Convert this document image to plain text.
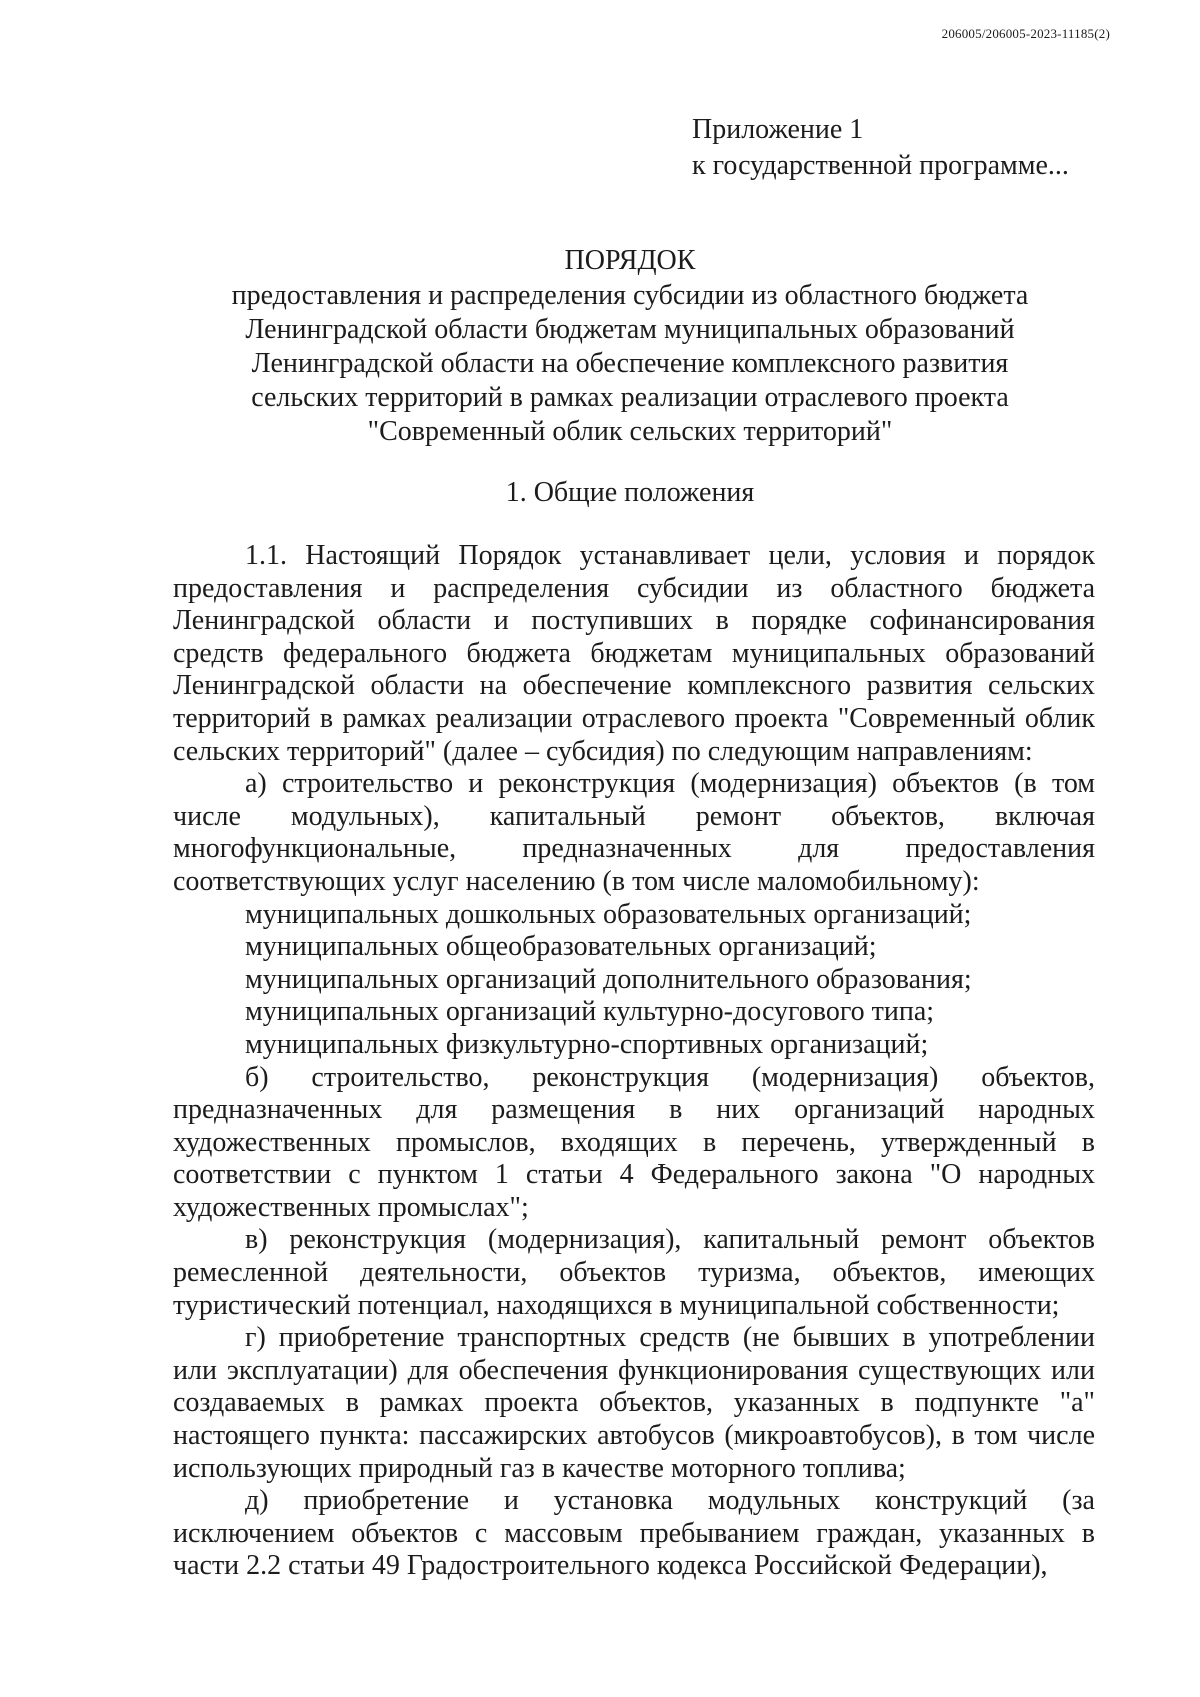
206005/206005-2023-11185(2)
Приложение 1
к государственной программе...
ПОРЯДОК
предоставления и распределения субсидии из областного бюджета
Ленинградской области бюджетам муниципальных образований
Ленинградской области на обеспечение комплексного развития
сельских территорий в рамках реализации отраслевого проекта
"Современный облик сельских территорий"
1. Общие положения

1.1. Настоящий Порядок устанавливает цели, условия и порядок предоставления и распределения субсидии из областного бюджета Ленинградской области и поступивших в порядке софинансирования средств федерального бюджета бюджетам муниципальных образований Ленинградской области на обеспечение комплексного развития сельских территорий в рамках реализации отраслевого проекта "Современный облик сельских территорий" (далее – субсидия) по следующим направлениям:

а) строительство и реконструкция (модернизация) объектов (в том числе модульных), капитальный ремонт объектов, включая многофункциональные, предназначенных для предоставления соответствующих услуг населению (в том числе маломобильному):

муниципальных дошкольных образовательных организаций;

муниципальных общеобразовательных организаций;

муниципальных организаций дополнительного образования;

муниципальных организаций культурно-досугового типа;

муниципальных физкультурно-спортивных организаций;

б) строительство, реконструкция (модернизация) объектов, предназначенных для размещения в них организаций народных художественных промыслов, входящих в перечень, утвержденный в соответствии с пунктом 1 статьи 4 Федерального закона "О народных художественных промыслах";

в) реконструкция (модернизация), капитальный ремонт объектов ремесленной деятельности, объектов туризма, объектов, имеющих туристический потенциал, находящихся в муниципальной собственности;

г) приобретение транспортных средств (не бывших в употреблении или эксплуатации) для обеспечения функционирования существующих или создаваемых в рамках проекта объектов, указанных в подпункте "а" настоящего пункта: пассажирских автобусов (микроавтобусов), в том числе использующих природный газ в качестве моторного топлива;

д) приобретение и установка модульных конструкций (за исключением объектов с массовым пребыванием граждан, указанных в части 2.2 статьи 49 Градостроительного кодекса Российской Федерации),
